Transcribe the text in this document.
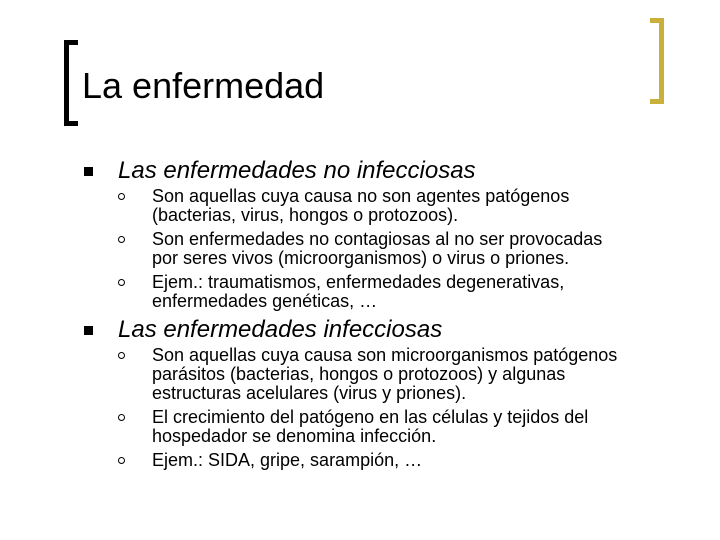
La enfermedad
Las enfermedades no infecciosas
Son aquellas cuya causa no son agentes patógenos
(bacterias, virus, hongos o protozoos).
Son enfermedades no contagiosas al no ser provocadas
por seres vivos (microorganismos) o virus o priones.
Ejem.: traumatismos, enfermedades degenerativas,
enfermedades genéticas, …
Las enfermedades infecciosas
Son aquellas cuya causa son microorganismos patógenos
parásitos (bacterias, hongos o protozoos) y algunas
estructuras acelulares (virus y priones).
El crecimiento del patógeno en las células y tejidos del
hospedador se denomina infección.
Ejem.: SIDA, gripe, sarampión, …
